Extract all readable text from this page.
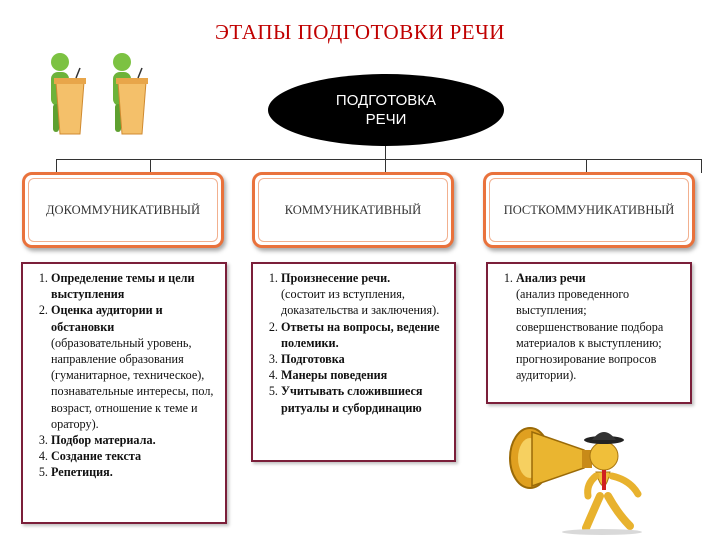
ЭТАПЫ ПОДГОТОВКИ РЕЧИ
ПОДГОТОВКА
РЕЧИ
ДОКОММУНИКАТИВНЫЙ	КОММУНИКАТИВНЫЙ	ПОСТКОММУНИКАТИВНЫЙ
1. Определение темы и цели выступления
2. Оценка аудитории и обстановки
(образовательный уровень, направление образования (гуманитарное, техническое), познавательные интересы, пол, возраст, отношение к теме и оратору).
3. Подбор материала.
4. Создание текста
5. Репетиция.
1. Произнесение речи.
(состоит из вступления, доказательства и заключения).
2. Ответы на вопросы, ведение полемики.
3. Подготовка
4. Манеры поведения
5. Учитывать сложившиеся ритуалы и субординацию
1. Анализ речи
(анализ проведенного выступления; совершенствование подбора материалов к выступлению; прогнозирование вопросов аудитории).
